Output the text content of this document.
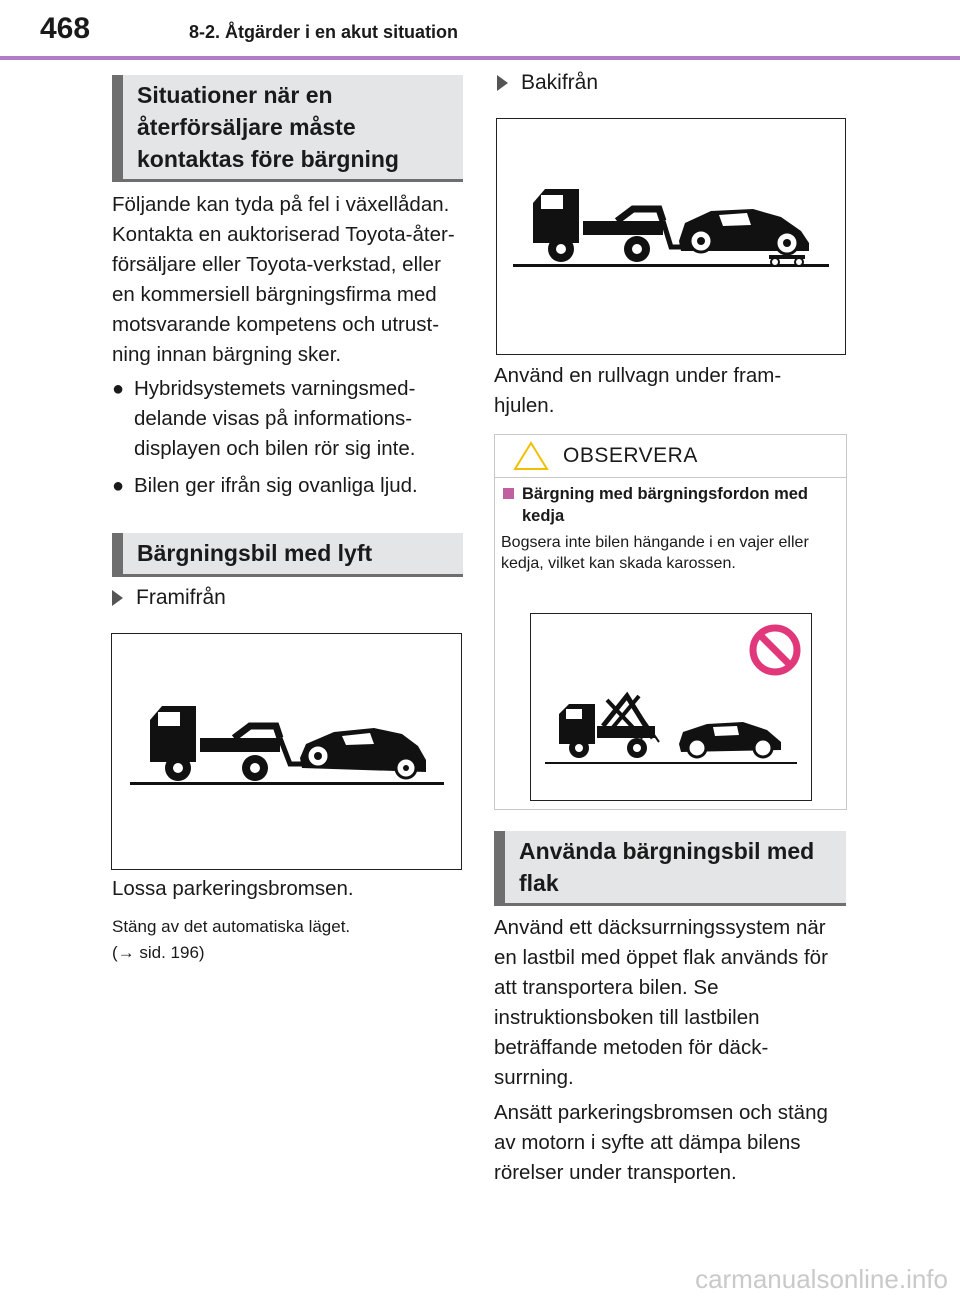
468	8-2. Åtgärder i en akut situation
Situationer när en återförsäljare måste kontaktas före bärgning
Följande kan tyda på fel i växellådan. Kontakta en auktoriserad Toyota-återförsäljare eller Toyota-verkstad, eller en kommersiell bärgningsfirma med motsvarande kompetens och utrustning innan bärgning sker.
● Hybridsystemets varningsmeddelande visas på informationsdisplayen och bilen rör sig inte.
● Bilen ger ifrån sig ovanliga ljud.
Bärgningsbil med lyft
Framifrån
Lossa parkeringsbromsen.
Stäng av det automatiska läget.
(→ sid. 196)
Bakifrån
Använd en rullvagn under framhjulen.
OBSERVERA
Bärgning med bärgningsfordon med kedja
Bogsera inte bilen hängande i en vajer eller kedja, vilket kan skada karossen.
Använda bärgningsbil med flak
Använd ett däcksurrningssystem när en lastbil med öppet flak används för att transportera bilen. Se instruktionsboken till lastbilen beträffande metoden för däcksurrning.
Ansätt parkeringsbromsen och stäng av motorn i syfte att dämpa bilens rörelser under transporten.
carmanualsonline.info
